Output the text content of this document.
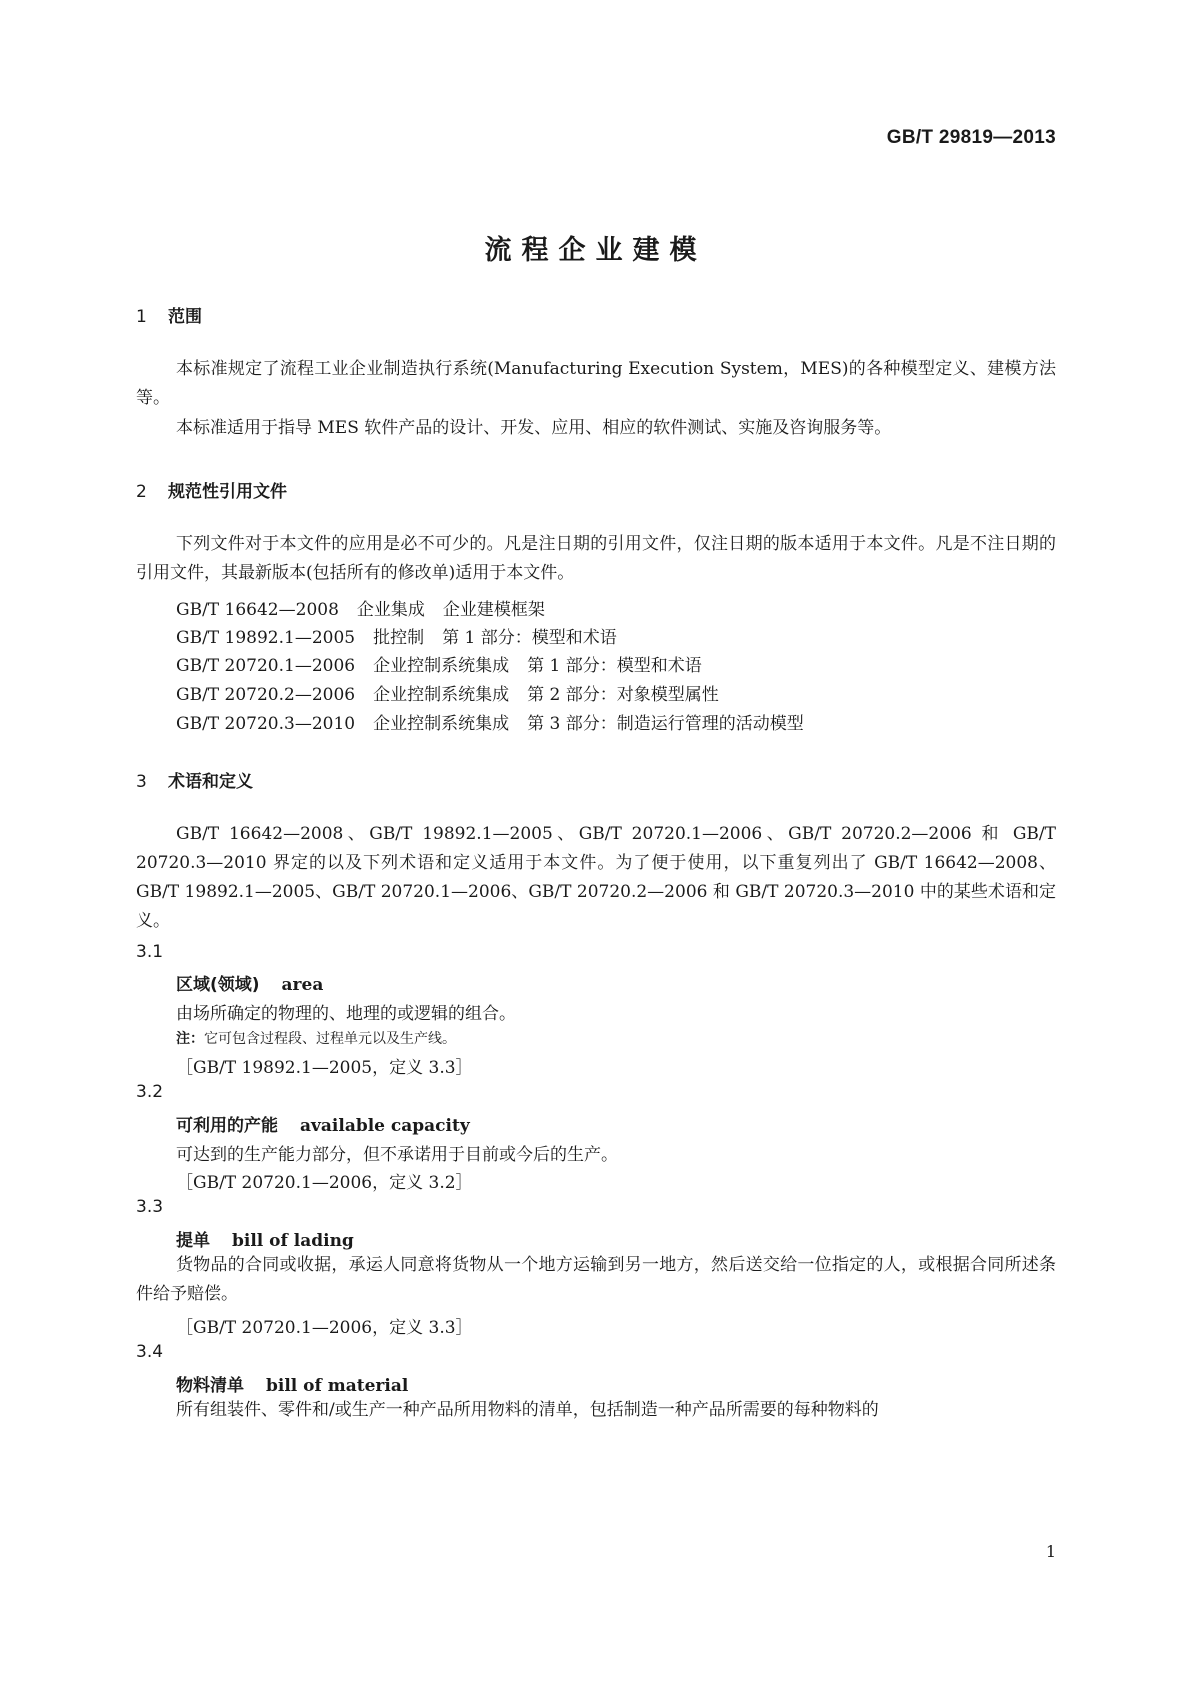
GB/T 29819—2013
流程企业建模
1 范围
本标准规定了流程工业企业制造执行系统(Manufacturing Execution System，MES)的各种模型定义、建模方法等。
本标准适用于指导 MES 软件产品的设计、开发、应用、相应的软件测试、实施及咨询服务等。
2 规范性引用文件
下列文件对于本文件的应用是必不可少的。凡是注日期的引用文件，仅注日期的版本适用于本文件。凡是不注日期的引用文件，其最新版本(包括所有的修改单)适用于本文件。
GB/T 16642—2008 企业集成 企业建模框架
GB/T 19892.1—2005 批控制 第 1 部分：模型和术语
GB/T 20720.1—2006 企业控制系统集成 第 1 部分：模型和术语
GB/T 20720.2—2006 企业控制系统集成 第 2 部分：对象模型属性
GB/T 20720.3—2010 企业控制系统集成 第 3 部分：制造运行管理的活动模型
3 术语和定义
GB/T 16642—2008、GB/T 19892.1—2005、GB/T 20720.1—2006、GB/T 20720.2—2006 和 GB/T 20720.3—2010 界定的以及下列术语和定义适用于本文件。为了便于使用，以下重复列出了 GB/T 16642—2008、GB/T 19892.1—2005、GB/T 20720.1—2006、GB/T 20720.2—2006 和 GB/T 20720.3—2010 中的某些术语和定义。
3.1
区域(领域) area
由场所确定的物理的、地理的或逻辑的组合。
注：它可包含过程段、过程单元以及生产线。
［GB/T 19892.1—2005，定义 3.3］
3.2
可利用的产能 available capacity
可达到的生产能力部分，但不承诺用于目前或今后的生产。
［GB/T 20720.1—2006，定义 3.2］
3.3
提单 bill of lading
货物品的合同或收据，承运人同意将货物从一个地方运输到另一地方，然后送交给一位指定的人，或根据合同所述条件给予赔偿。
［GB/T 20720.1—2006，定义 3.3］
3.4
物料清单 bill of material
所有组装件、零件和/或生产一种产品所用物料的清单，包括制造一种产品所需要的每种物料的
1
